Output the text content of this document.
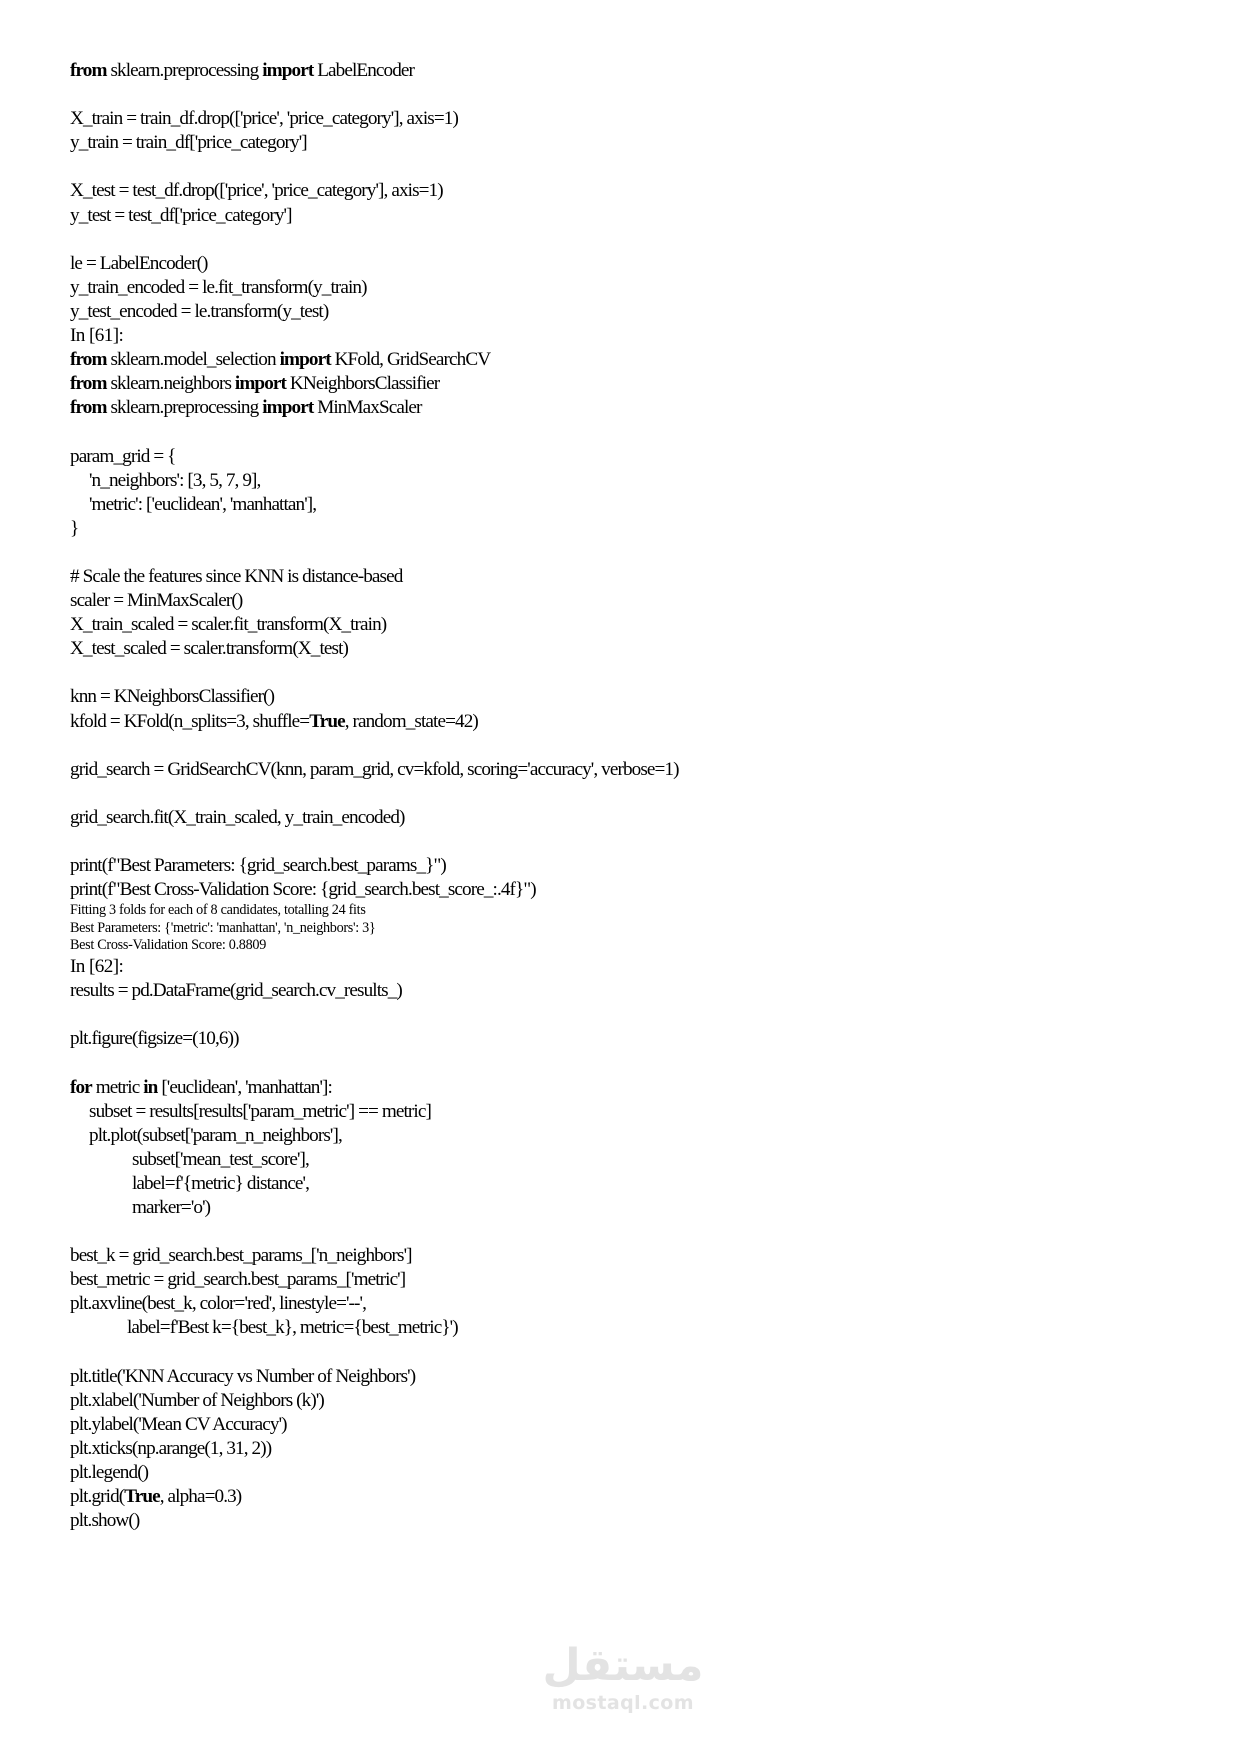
from sklearn.preprocessing import LabelEncoder
X_train = train_df.drop(['price', 'price_category'], axis=1)
y_train = train_df['price_category']
X_test = test_df.drop(['price', 'price_category'], axis=1)
y_test = test_df['price_category']
le = LabelEncoder()
y_train_encoded = le.fit_transform(y_train)
y_test_encoded = le.transform(y_test)
In [61]:
from sklearn.model_selection import KFold, GridSearchCV
from sklearn.neighbors import KNeighborsClassifier
from sklearn.preprocessing import MinMaxScaler
param_grid = {
'n_neighbors': [3, 5, 7, 9],
'metric': ['euclidean', 'manhattan'],
}
# Scale the features since KNN is distance-based
scaler = MinMaxScaler()
X_train_scaled = scaler.fit_transform(X_train)
X_test_scaled = scaler.transform(X_test)
knn = KNeighborsClassifier()
kfold = KFold(n_splits=3, shuffle=True, random_state=42)
grid_search = GridSearchCV(knn, param_grid, cv=kfold, scoring='accuracy', verbose=1)
grid_search.fit(X_train_scaled, y_train_encoded)
print(f"Best Parameters: {grid_search.best_params_}")
print(f"Best Cross-Validation Score: {grid_search.best_score_:.4f}")
Fitting 3 folds for each of 8 candidates, totalling 24 fits
Best Parameters: {'metric': 'manhattan', 'n_neighbors': 3}
Best Cross-Validation Score: 0.8809
In [62]:
results = pd.DataFrame(grid_search.cv_results_)
plt.figure(figsize=(10,6))
for metric in ['euclidean', 'manhattan']:
subset = results[results['param_metric'] == metric]
plt.plot(subset['param_n_neighbors'],
subset['mean_test_score'],
label=f'{metric} distance',
marker='o')
best_k = grid_search.best_params_['n_neighbors']
best_metric = grid_search.best_params_['metric']
plt.axvline(best_k, color='red', linestyle='--',
label=f'Best k={best_k}, metric={best_metric}')
plt.title('KNN Accuracy vs Number of Neighbors')
plt.xlabel('Number of Neighbors (k)')
plt.ylabel('Mean CV Accuracy')
plt.xticks(np.arange(1, 31, 2))
plt.legend()
plt.grid(True, alpha=0.3)
plt.show()
مستقل
mostaql.com
